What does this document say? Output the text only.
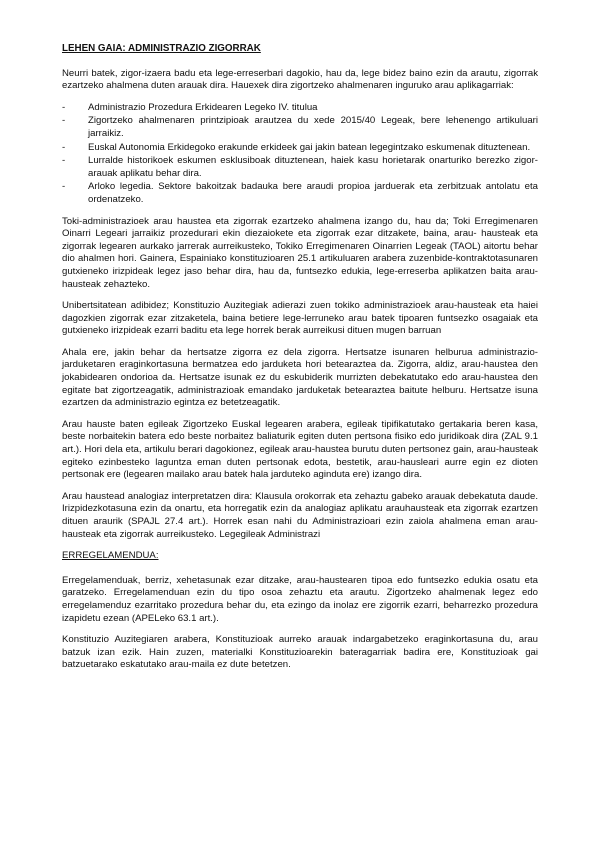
LEHEN GAIA: ADMINISTRAZIO ZIGORRAK

Neurri batek, zigor-izaera badu eta lege-erreserbari dagokio, hau da, lege bidez baino ezin da arautu, zigorrak ezartzeko ahalmena duten arauak dira. Hauexek dira zigortzeko ahalmenaren inguruko arau aplikagarriak:

- Administrazio Prozedura Erkidearen Legeko IV. titulua
- Zigortzeko ahalmenaren printzipioak arautzea du xede 2015/40 Legeak, bere lehenengo artikuluari jarraikiz.
- Euskal Autonomia Erkidegoko erakunde erkideek gai jakin batean legegintzako eskumenak dituztenean.
- Lurralde historikoek eskumen esklusiboak dituztenean, haiek kasu horietarak onarturiko berezko zigor-arauak aplikatu behar dira.
- Arloko legedia. Sektore bakoitzak badauka bere araudi propioa jarduerak eta zerbitzuak antolatu eta ordenatzeko.

Toki-administrazioek arau haustea eta zigorrak ezartzeko ahalmena izango du, hau da; Toki Erregimenaren Oinarri Legeari jarraikiz prozedurari ekin diezaiokete eta zigorrak ezar ditzakete, baina, arau- hausteak eta zigorrak legearen aurkako jarrerak aurreikusteko, Tokiko Erregimenaren Oinarrien Legeak (TAOL) aitortu behar dio ahalmen hori. Gainera, Espainiako konstituzioaren 25.1 artikuluaren arabera zuzenbide-kontraktotasunaren gutxieneko irizpideak legez jaso behar dira, hau da, funtsezko edukia, lege-erreserba aplikatzen baita arau-hausteak zehazteko.

Unibertsitatean adibidez; Konstituzio Auzitegiak adierazi zuen tokiko administrazioek arau-hausteak eta haiei dagozkien zigorrak ezar zitzaketela, baina betiere lege-lerruneko arau batek tipoaren funtsezko osagaiak eta gutxieneko irizpideak ezarri baditu eta lege horrek berak aurreikusi dituen mugen barruan

Ahala ere, jakin behar da hertsatze zigorra ez dela zigorra. Hertsatze isunaren helburua administrazio-jarduketaren eraginkortasuna bermatzea edo jarduketa hori betearaztea da. Zigorra, aldiz, arau-haustea den jokabidearen ondorioa da. Hertsatze isunak ez du eskubiderik murrizten debekatutako edo arau-haustea den egitate bat zigortzeagatik, administrazioak emandako jarduketak betearaztea baitute helburu. Hertsatze isuna ezartzen da administrazio egintza ez betetzeagatik.

Arau hauste baten egileak Zigortzeko Euskal legearen arabera, egileak tipifikatutako gertakaria beren kasa, beste norbaitekin batera edo beste norbaitez baliaturik egiten duten pertsona fisiko edo juridikoak dira (ZAL 9.1 art.). Hori dela eta, artikulu berari dagokionez, egileak arau-haustea burutu duten pertsonez gain, arau-hausteak egiteko ezinbesteko laguntza eman duten pertsonak edota, bestetik, arau-hausleari aurre egin ez dioten pertsonak ere (legearen mailako arau batek hala jarduteko aginduta ere) izango dira.

Arau haustead analogiaz interpretatzen dira: Klausula orokorrak eta zehaztu gabeko arauak debekatuta daude. Irizpidezkotasuna ezin da onartu, eta horregatik ezin da analogiaz aplikatu arauhausteak eta zigorrak ezartzen dituen araurik (SPAJL 27.4 art.). Horrek esan nahi du Administrazioari ezin zaiola ahalmena eman arau-hausteak eta zigorrak aurreikusteko. Legegileak Administrazi

ERREGELAMENDUA:

Erregelamenduak, berriz, xehetasunak ezar ditzake, arau-haustearen tipoa edo funtsezko edukia osatu eta garatzeko. Erregelamenduan ezin du tipo osoa zehaztu eta arautu. Zigortzeko ahalmenak legez edo erregelamenduz ezarritako prozedura behar du, eta ezingo da inolaz ere zigorrik ezarri, beharrezko prozedura izapidetu ezean (APELeko 63.1 art.).

Konstituzio Auzitegiaren arabera, Konstituzioak aurreko arauak indargabetzeko eraginkortasuna du, arau batzuk izan ezik. Hain zuzen, materialki Konstituzioarekin bateragarriak badira ere, Konstituzioak gai batzuetarako eskatutako arau-maila ez dute betetzen.
